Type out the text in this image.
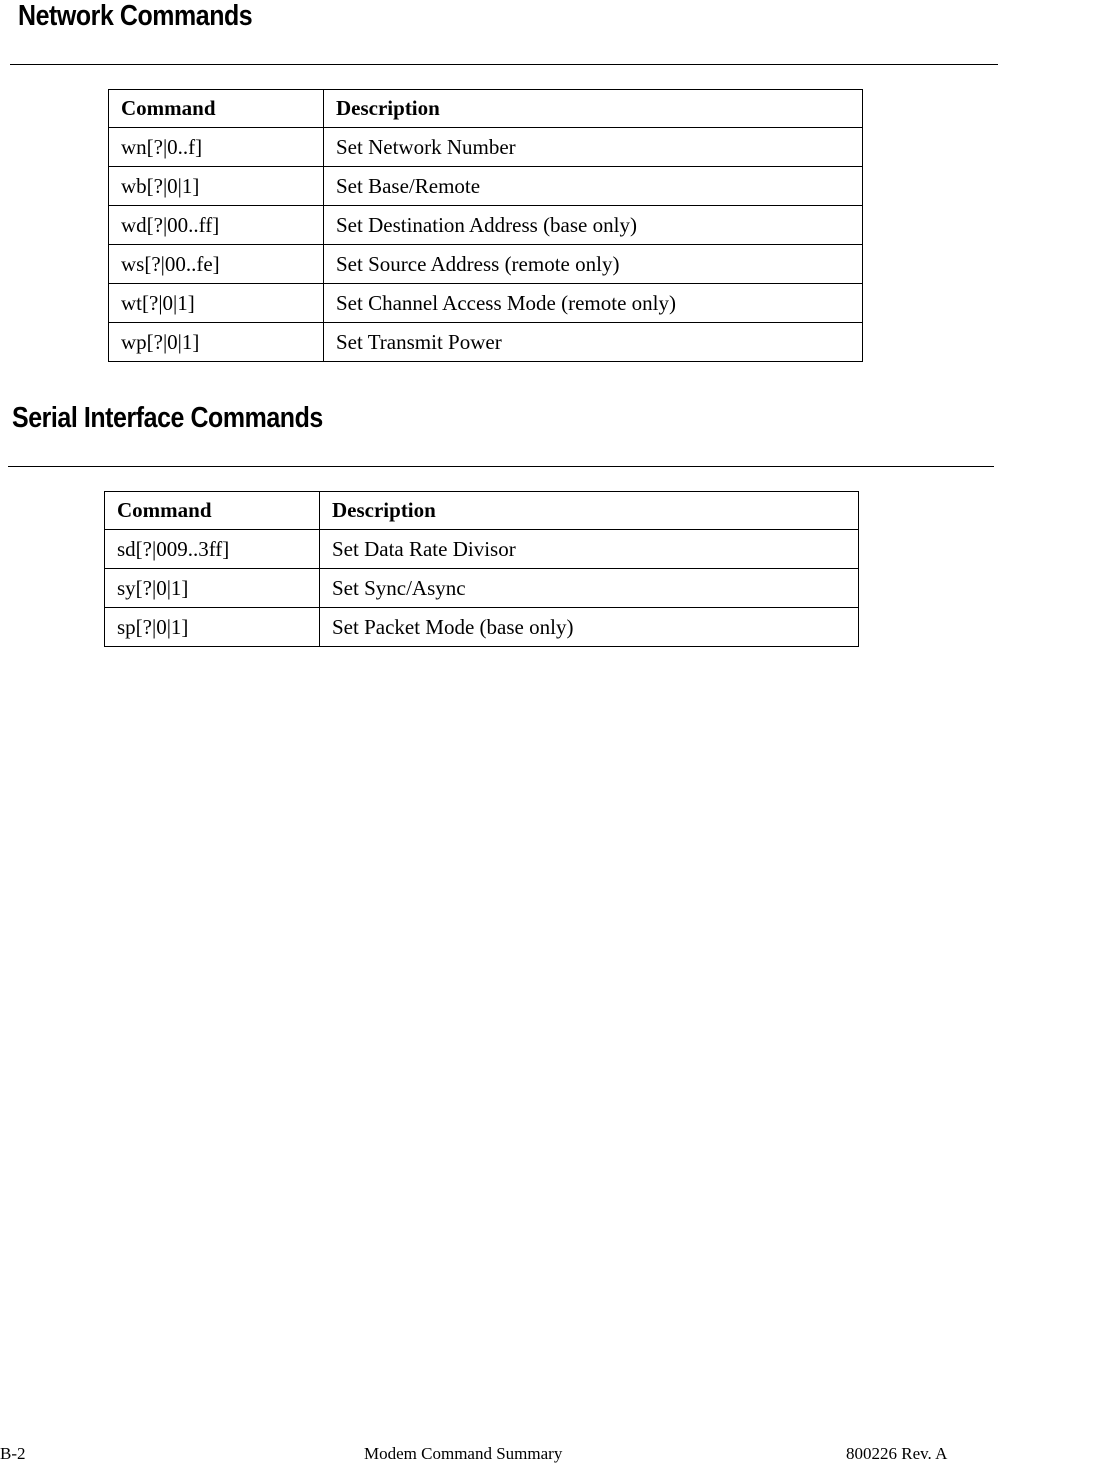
Network Commands
Command	Description
wn[?|0..f]	Set Network Number
wb[?|0|1]	Set Base/Remote
wd[?|00..ff]	Set Destination Address (base only)
ws[?|00..fe]	Set Source Address (remote only)
wt[?|0|1]	Set Channel Access Mode (remote only)
wp[?|0|1]	Set Transmit Power
Serial Interface Commands
Command	Description
sd[?|009..3ff]	Set Data Rate Divisor
sy[?|0|1]	Set Sync/Async
sp[?|0|1]	Set Packet Mode (base only)
B-2	Modem Command Summary	800226 Rev. A
